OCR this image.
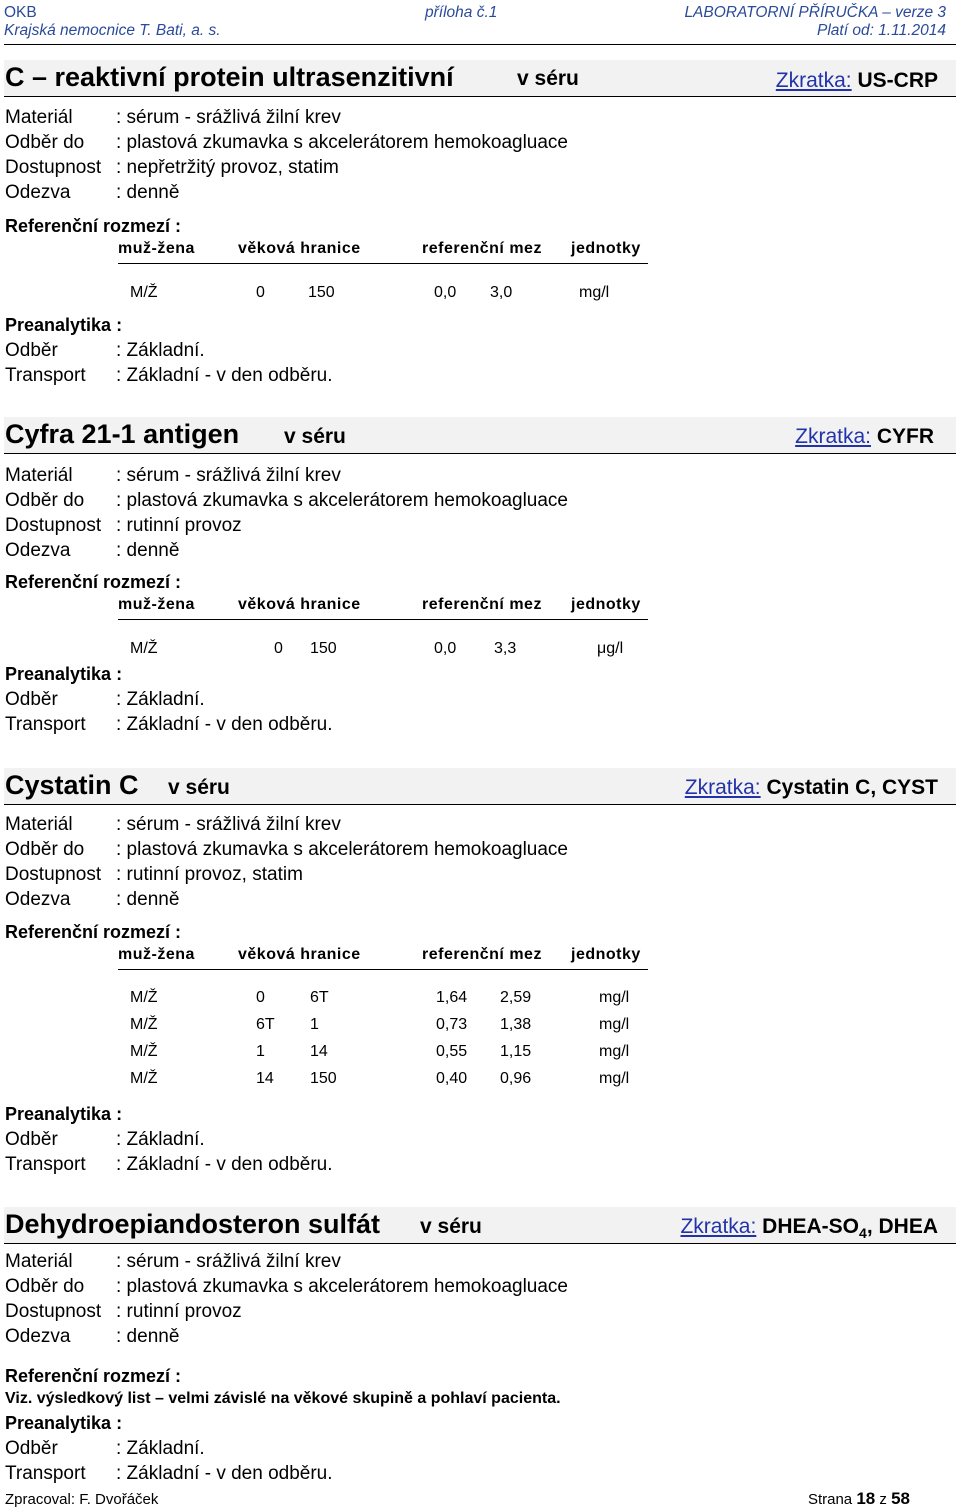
OKB
Krajská nemocnice T. Bati, a. s.
příloha č.1	LABORATORNÍ PŘÍRUČKA – verze 3
Platí od: 1.11.2014
C – reaktivní protein ultrasenzitivní	v séru	Zkratka: US-CRP
Materiál : sérum - srážlivá žilní krev
Odběr do : plastová zkumavka s akcelerátorem hemokoagluace
Dostupnost : nepřetržitý provoz, statim
Odezva : denně
Referenční rozmezí :
muž-žena	věková hranice	referenční mez jednotky
M/Ž	0	150	0,0 3,0	mg/l
Preanalytika :
Odběr	: Základní.
Transport : Základní - v den odběru.
Cyfra 21-1 antigen v séru	Zkratka: CYFR
Materiál : sérum - srážlivá žilní krev
Odběr do : plastová zkumavka s akcelerátorem hemokoagluace
Dostupnost : rutinní provoz
Odezva : denně
Referenční rozmezí :
muž-žena	věková hranice	referenční mez jednotky
M/Ž	0 150	0,0 3,3	μg/l
Preanalytika :
Odběr	: Základní.
Transport : Základní - v den odběru.
Cystatin C v séru	Zkratka: Cystatin C, CYST
Materiál : sérum - srážlivá žilní krev
Odběr do : plastová zkumavka s akcelerátorem hemokoagluace
Dostupnost : rutinní provoz, statim
Odezva : denně
Referenční rozmezí :
muž-žena	věková hranice	referenční mez jednotky
M/Ž	0	6T	1,64 2,59	mg/l
M/Ž	6T 1	0,73 1,38	mg/l
M/Ž	1	14	0,55 1,15	mg/l
M/Ž	14 150	0,40 0,96	mg/l
Preanalytika :
Odběr	: Základní.
Transport : Základní - v den odběru.
Dehydroepiandosteron sulfát v séru	Zkratka: DHEA-$SO_4$, DHEA
Materiál : sérum - srážlivá žilní krev
Odběr do : plastová zkumavka s akcelerátorem hemokoagluace
Dostupnost : rutinní provoz
Odezva : denně
Referenční rozmezí :
Viz. výsledkový list – velmi závislé na věkové skupině a pohlaví pacienta.
Preanalytika :
Odběr	: Základní.
Transport : Základní - v den odběru.
Zpracoval: F. Dvořáček	Strana 18 z 58
